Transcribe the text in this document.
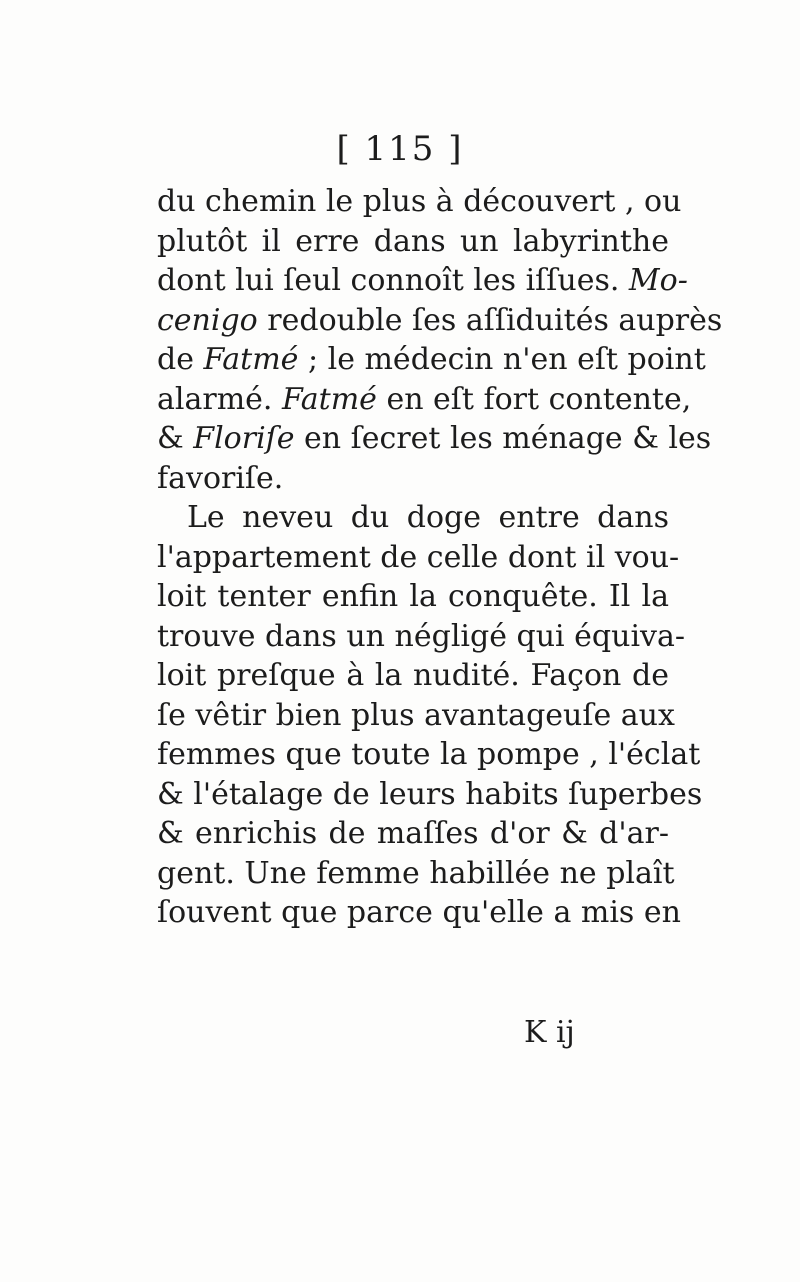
[ 115 ]
du chemin le plus à découvert , ou
plutôt il erre dans un labyrinthe
dont lui ſeul connoît les iſſues. Mo-
cenigo redouble ſes aſſiduités auprès
de Fatmé ; le médecin n'en eſt point
alarmé. Fatmé en eſt fort contente,
& Floriſe en ſecret les ménage & les
favoriſe.
Le neveu du doge entre dans
l'appartement de celle dont il vou-
loit tenter enfin la conquête. Il la
trouve dans un négligé qui équiva-
loit preſque à la nudité. Façon de
ſe vêtir bien plus avantageuſe aux
femmes que toute la pompe , l'éclat
& l'étalage de leurs habits ſuperbes
& enrichis de maſſes d'or & d'ar-
gent. Une femme habillée ne plaît
ſouvent que parce qu'elle a mis en
K ij
